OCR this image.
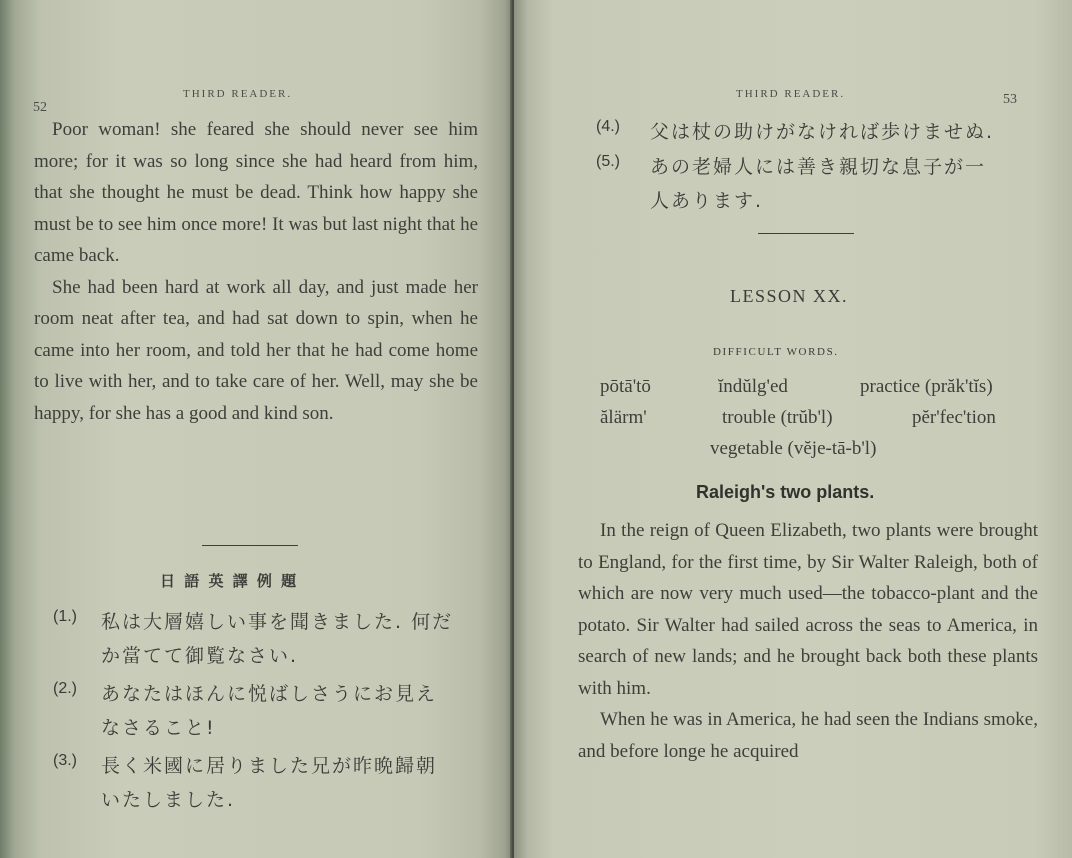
52
THIRD READER.

Poor woman! she feared she should never see him more; for it was so long since she had heard from him, that she thought he must be dead. Think how happy she must be to see him once more! It was but last night that he came back.

She had been hard at work all day, and just made her room neat after tea, and had sat down to spin, when he came into her room, and told her that he had come home to live with her, and to take care of her. Well, may she be happy, for she has a good and kind son.

日 語 英 譯 例 題
(1.) 私は大層嬉しい事を聞きました. 何だ
か當てて御覧なさい.
(2.) あなたはほんに悦ばしさうにお見え
なさること!
(3.) 長く米國に居りました兄が昨晩歸朝
いたしました.
THIRD READER.	53
(4.) 父は杖の助けがなければ歩けませぬ.
(5.) あの老婦人には善き親切な息子が一
人あります.
LESSON XX.
DIFFICULT WORDS.
pōtā'tō	ĭndŭlg'ed	practice (prăk'tĭs)
ălärm'	trouble (trŭb'l)	pĕr'fec'tion
vegetable (vĕje-tā-b'l)
Raleigh's two plants.

In the reign of Queen Elizabeth, two plants were brought to England, for the first time, by Sir Walter Raleigh, both of which are now very much used—the tobacco-plant and the potato. Sir Walter had sailed across the seas to America, in search of new lands; and he brought back both these plants with him.

When he was in America, he had seen the Indians smoke, and before longe he acquired
